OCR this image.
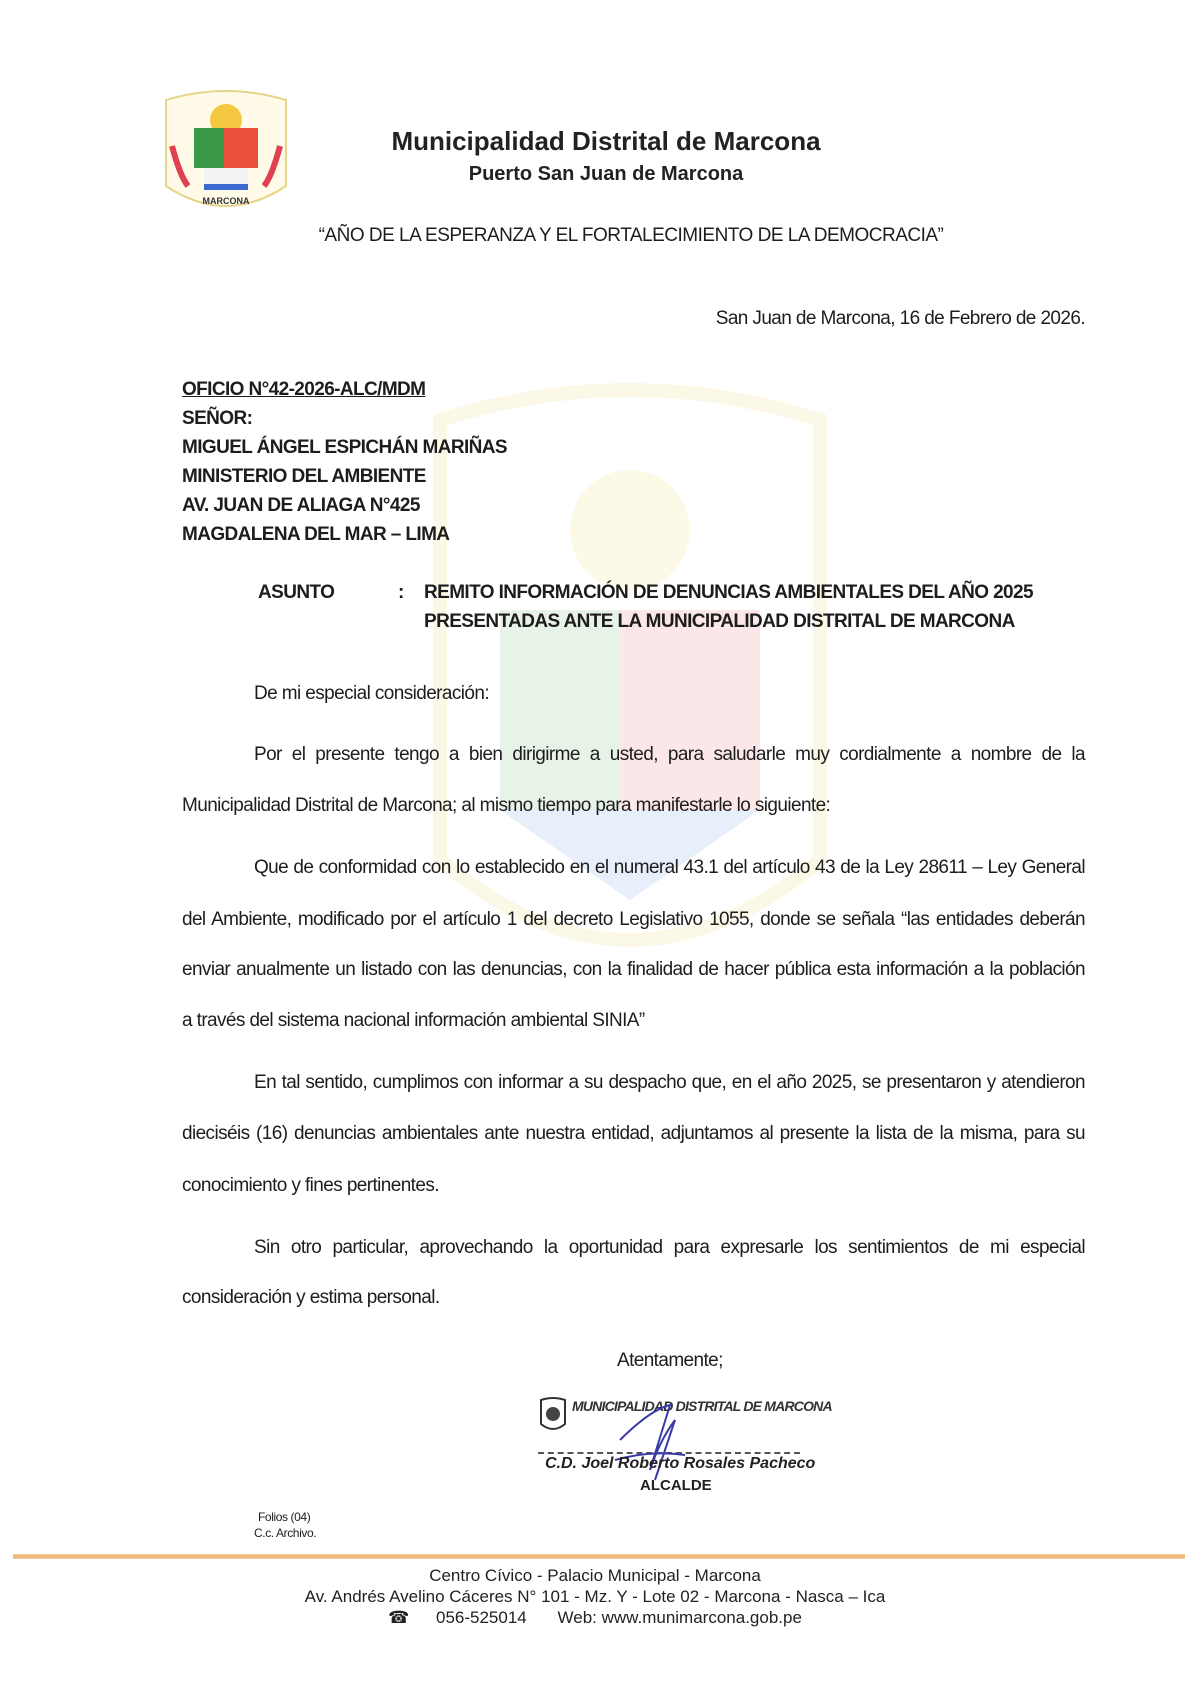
MARCONA
Municipalidad Distrital de Marcona
Puerto San Juan de Marcona
“AÑO DE LA ESPERANZA Y EL FORTALECIMIENTO DE LA DEMOCRACIA”
San Juan de Marcona, 16 de Febrero de 2026.
OFICIO N°42-2026-ALC/MDM
SEÑOR:
MIGUEL ÁNGEL ESPICHÁN MARIÑAS
MINISTERIO DEL AMBIENTE
AV. JUAN DE ALIAGA N°425
MAGDALENA DEL MAR – LIMA
ASUNTO	: REMITO INFORMACIÓN DE DENUNCIAS AMBIENTALES DEL AÑO 2025
PRESENTADAS ANTE LA MUNICIPALIDAD DISTRITAL DE MARCONA
De mi especial consideración:
Por el presente tengo a bien dirigirme a usted, para saludarle muy cordialmente a nombre de la
Municipalidad Distrital de Marcona; al mismo tiempo para manifestarle lo siguiente:
Que de conformidad con lo establecido en el numeral 43.1 del artículo 43 de la Ley 28611 – Ley General
del Ambiente, modificado por el artículo 1 del decreto Legislativo 1055, donde se señala “las entidades deberán
enviar anualmente un listado con las denuncias, con la finalidad de hacer pública esta información a la población
a través del sistema nacional información ambiental SINIA”
En tal sentido, cumplimos con informar a su despacho que, en el año 2025, se presentaron y atendieron
dieciséis (16) denuncias ambientales ante nuestra entidad, adjuntamos al presente la lista de la misma, para su
conocimiento y fines pertinentes.
Sin otro particular, aprovechando la oportunidad para expresarle los sentimientos de mi especial
consideración y estima personal.
Atentamente;
MUNICIPALIDAD DISTRITAL DE MARCONA
C.D. Joel Roberto Rosales Pacheco
ALCALDE
Folios (04)
C.c. Archivo.
Centro Cívico - Palacio Municipal - Marcona
Av. Andrés Avelino Cáceres N° 101 - Mz. Y - Lote 02 - Marcona - Nasca – Ica
☎ 056-525014 Web: www.munimarcona.gob.pe
